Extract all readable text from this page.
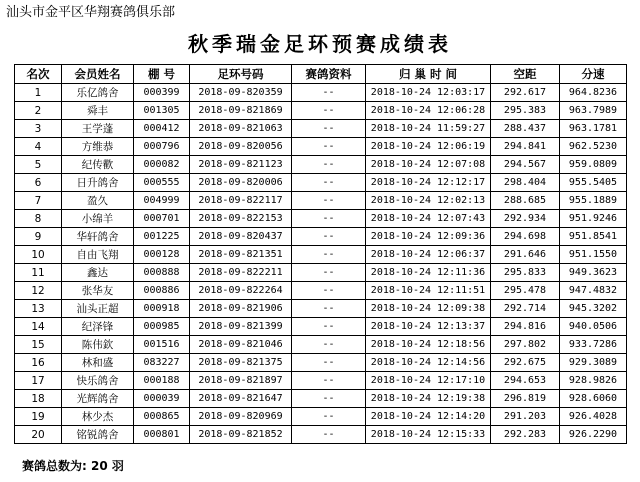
汕头市金平区华翔赛鸽俱乐部
秋季瑞金足环预赛成绩表
名次	会员姓名	棚 号	足环号码	赛鸽资料	归 巢 时 间	空距	分速
1	乐亿鸽舍	000399	2018-09-820359	--	2018-10-24 12:03:17	292.617	964.8236
2	舜丰	001305	2018-09-821869	--	2018-10-24 12:06:28	295.383	963.7989
3	王学蓬	000412	2018-09-821063	--	2018-10-24 11:59:27	288.437	963.1781
4	方维恭	000796	2018-09-820056	--	2018-10-24 12:06:19	294.841	962.5230
5	纪传歡	000082	2018-09-821123	--	2018-10-24 12:07:08	294.567	959.0809
6	日升鸽舍	000555	2018-09-820006	--	2018-10-24 12:12:17	298.404	955.5405
7	盈久	004999	2018-09-822117	--	2018-10-24 12:02:13	288.685	955.1889
8	小绵羊	000701	2018-09-822153	--	2018-10-24 12:07:43	292.934	951.9246
9	华轩鸽舍	001225	2018-09-820437	--	2018-10-24 12:09:36	294.698	951.8541
10	自由飞翔	000128	2018-09-821351	--	2018-10-24 12:06:37	291.646	951.1550
11	鑫达	000888	2018-09-822211	--	2018-10-24 12:11:36	295.833	949.3623
12	张华友	000886	2018-09-822264	--	2018-10-24 12:11:51	295.478	947.4832
13	汕头正超	000918	2018-09-821906	--	2018-10-24 12:09:38	292.714	945.3202
14	纪泽锋	000985	2018-09-821399	--	2018-10-24 12:13:37	294.816	940.0506
15	陈伟欽	001516	2018-09-821046	--	2018-10-24 12:18:56	297.802	933.7286
16	林和盛	083227	2018-09-821375	--	2018-10-24 12:14:56	292.675	929.3089
17	快乐鸽舍	000188	2018-09-821897	--	2018-10-24 12:17:10	294.653	928.9826
18	光辉鸽舍	000039	2018-09-821647	--	2018-10-24 12:19:38	296.819	928.6060
19	林少杰	000865	2018-09-820969	--	2018-10-24 12:14:20	291.203	926.4028
20	铭锐鸽舍	000801	2018-09-821852	--	2018-10-24 12:15:33	292.283	926.2290
赛鸽总数为: 20 羽
